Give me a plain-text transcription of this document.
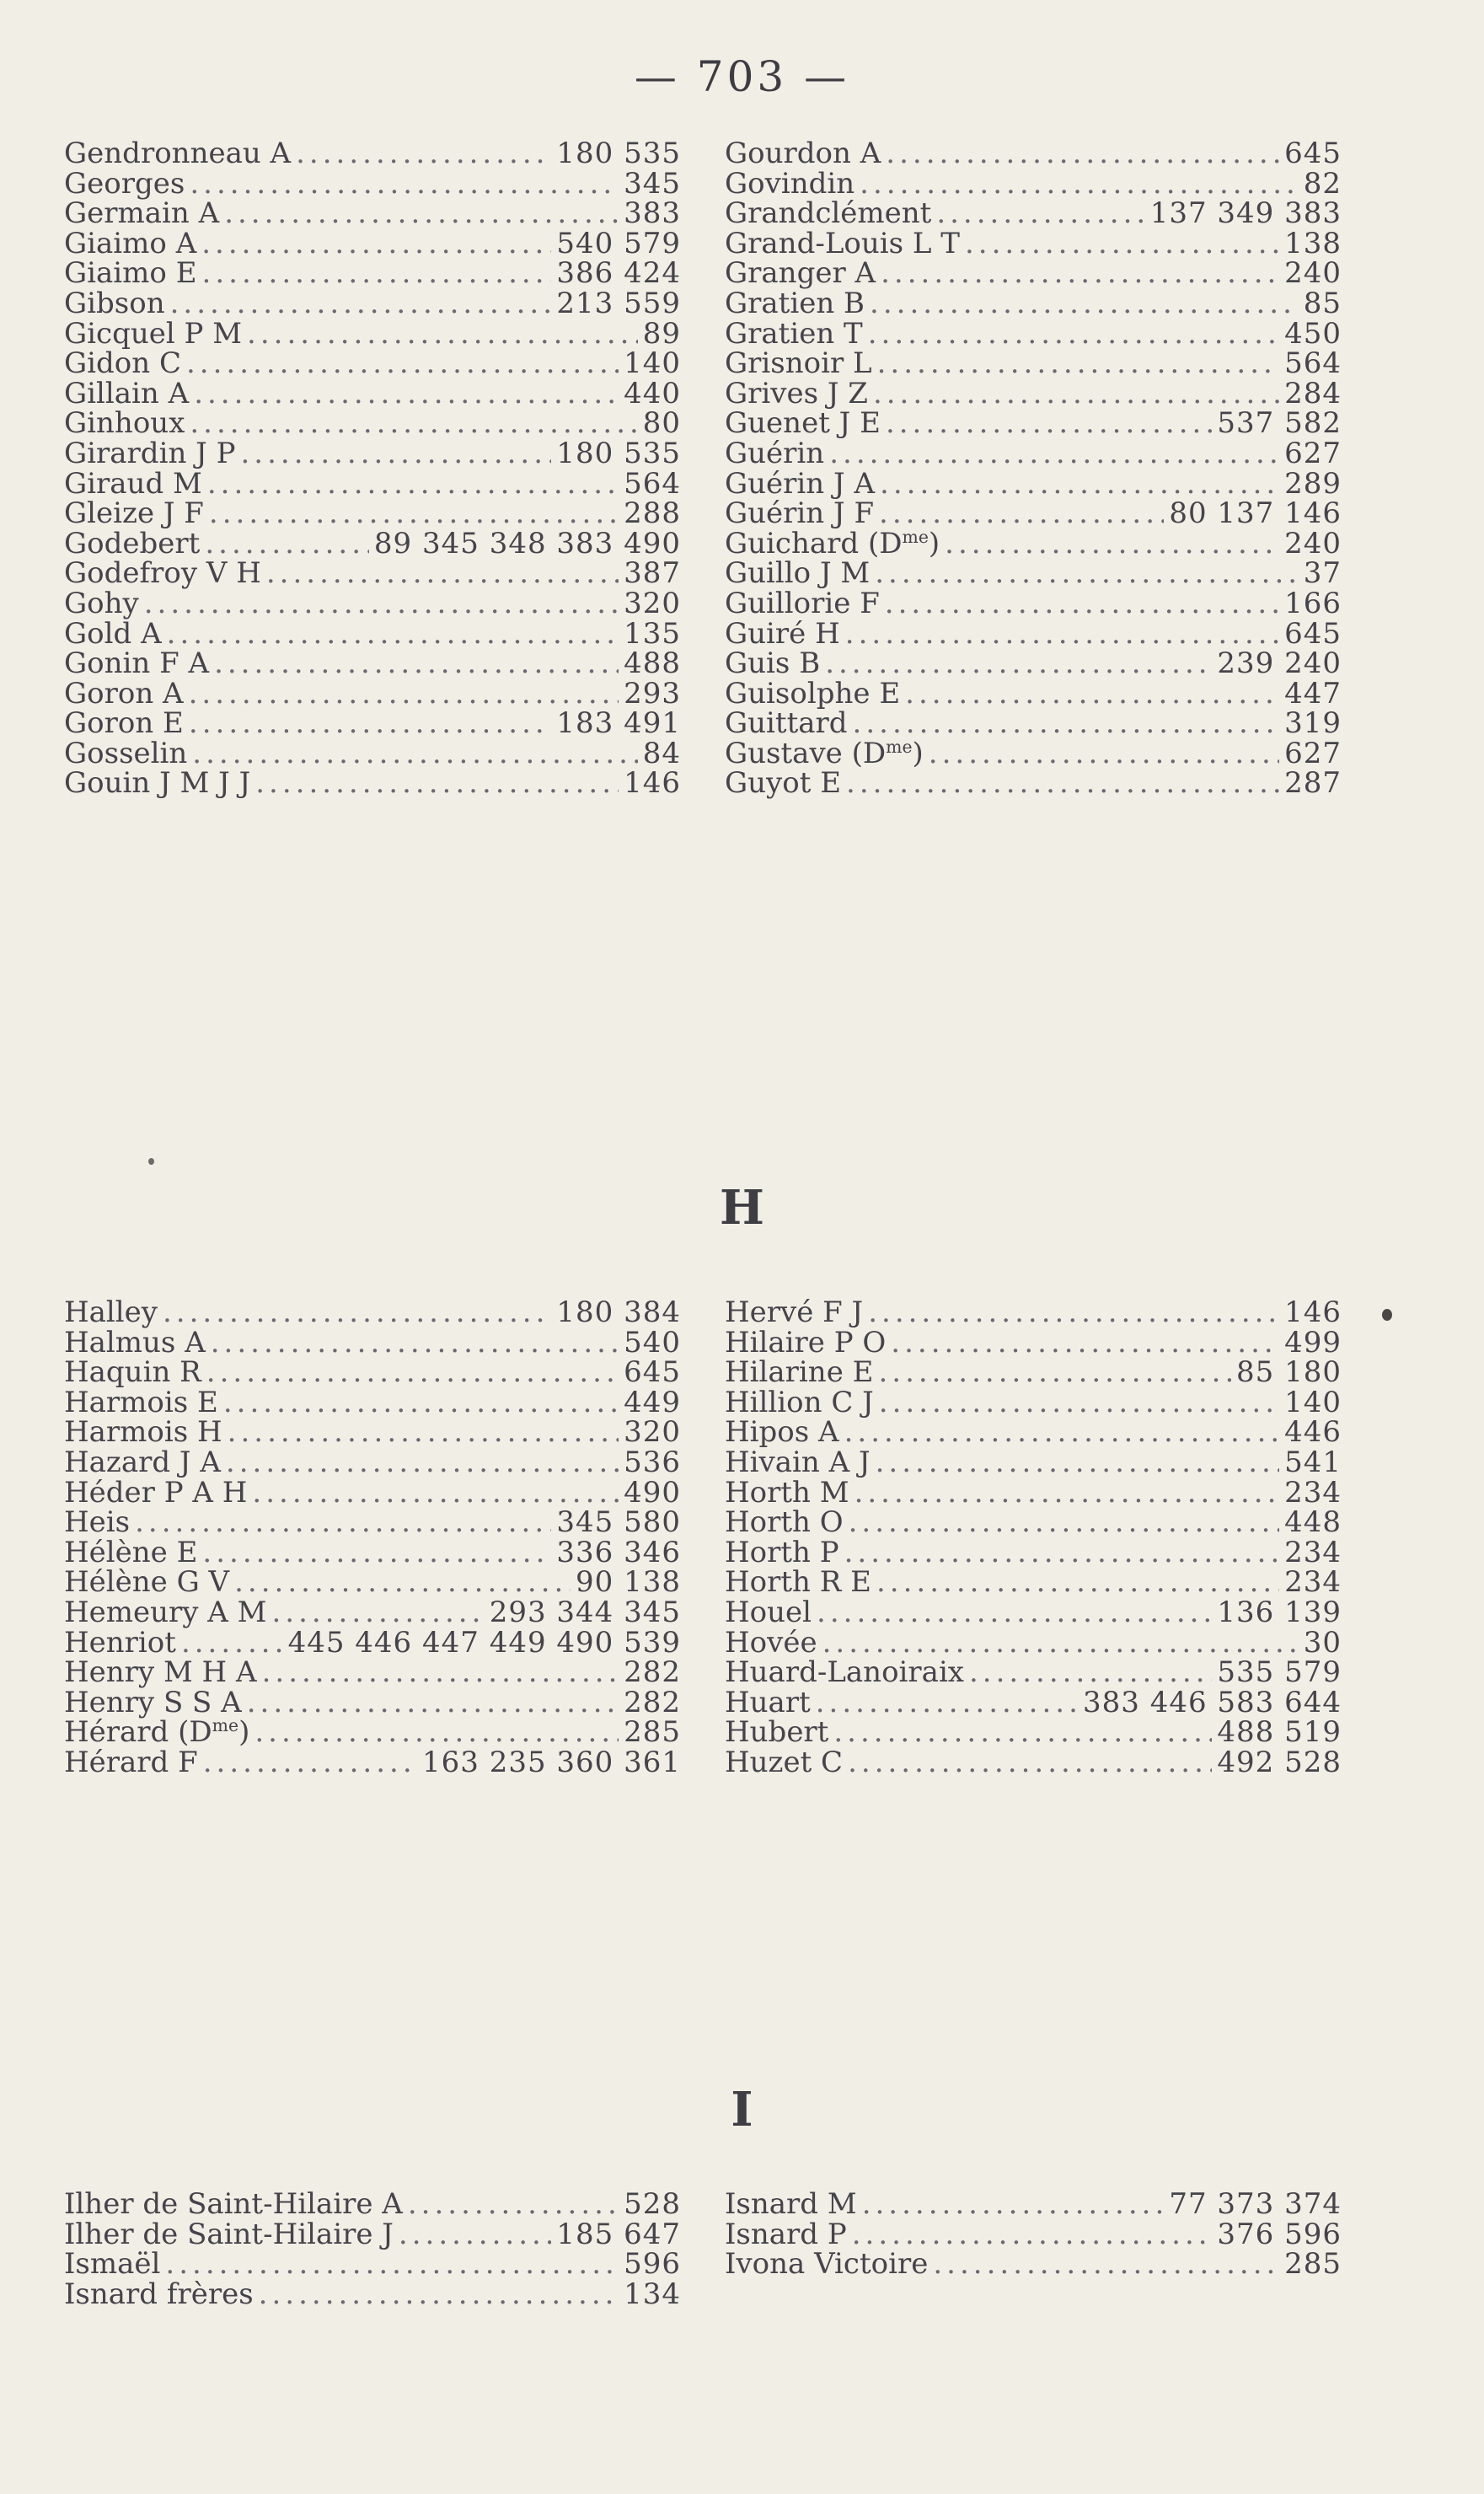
— 703 —
Gendronneau A .....	180 535
Georges .....	345
Germain A .....	383
Giaimo A .....	540 579
Giaimo E .....	386 424
Gibson .....	213 559
Gicquel P M .....	89
Gidon C .....	140
Gillain A .....	440
Ginhoux .....	80
Girardin J P .....	180 535
Giraud M .....	564
Gleize J F .....	288
Godebert .....	89 345 348 383 490
Godefroy V H .....	387
Gohy .....	320
Gold A .....	135
Gonin F A .....	488
Goron A .....	293
Goron E .....	183 491
Gosselin .....	84
Gouin J M J J .....	146
Gourdon A .....	645
Govindin .....	82
Grandclément .....	137 349 383
Grand-Louis L T .....	138
Granger A .....	240
Gratien B .....	85
Gratien T .....	450
Grisnoir L .....	564
Grives J Z .....	284
Guenet J E .....	537 582
Guérin .....	627
Guérin J A .....	289
Guérin J F .....	80 137 146
Guichard $(D^{me})$ .....	240
Guillo J M .....	37
Guillorie F .....	166
Guiré H .....	645
Guis B .....	239 240
Guisolphe E .....	447
Guittard .....	319
Gustave $(D^{me})$ .....	627
Guyot E .....	287
H
Halley .....	180 384
Halmus A .....	540
Haquin R .....	645
Harmois E .....	449
Harmois H .....	320
Hazard J A .....	536
Héder P A H .....	490
Heis .....	345 580
Hélène E .....	336 346
Hélène G V .....	90 138
Hemeury A M .....	293 344 345
Henriot .....	445 446 447 449 490 539
Henry M H A .....	282
Henry S S A .....	282
Hérard $(D^{me})$ .....	285
Hérard F .....	163 235 360 361
Hervé F J .....	146
Hilaire P O .....	499
Hilarine E .....	85 180
Hillion C J .....	140
Hipos A .....	446
Hivain A J .....	541
Horth M .....	234
Horth O .....	448
Horth P .....	234
Horth R E .....	234
Houel .....	136 139
Hovée .....	30
Huard-Lanoiraix .....	535 579
Huart .....	383 446 583 644
Hubert .....	488 519
Huzet C .....	492 528
I
Ilher de Saint-Hilaire A .....	528
Ilher de Saint-Hilaire J .....	185 647
Ismaël .....	596
Isnard frères .....	134
Isnard M .....	77 373 374
Isnard P .....	376 596
Ivona Victoire .....	285
